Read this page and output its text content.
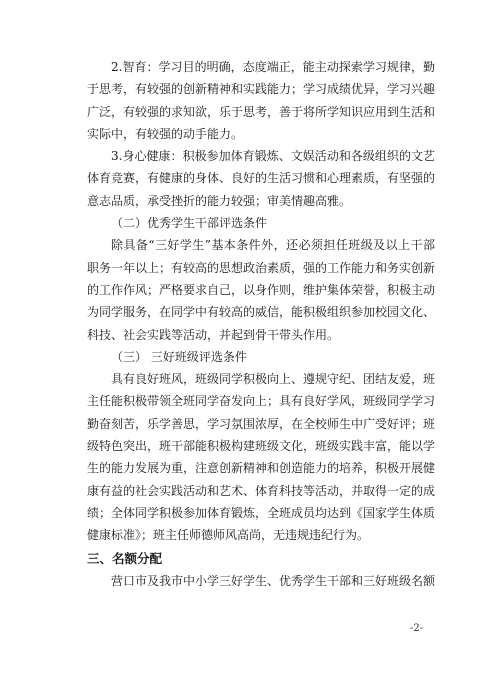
2.智育：学习目的明确，态度端正，能主动探索学习规律，勤于思考，有较强的创新精神和实践能力；学习成绩优异，学习兴趣广泛，有较强的求知欲，乐于思考，善于将所学知识应用到生活和实际中，有较强的动手能力。

3.身心健康：积极参加体育锻炼、文娱活动和各级组织的文艺体育竞赛，有健康的身体、良好的生活习惯和心理素质，有坚强的意志品质，承受挫折的能力较强；审美情趣高雅。

（二）优秀学生干部评选条件

除具备“三好学生”基本条件外，还必须担任班级及以上干部职务一年以上；有较高的思想政治素质，强的工作能力和务实创新的工作作风；严格要求自己，以身作则，维护集体荣誉，积极主动为同学服务，在同学中有较高的威信，能积极组织参加校园文化、科技、社会实践等活动，并起到骨干带头作用。

（三） 三好班级评选条件

具有良好班风，班级同学积极向上、遵规守纪、团结友爱，班主任能积极带领全班同学奋发向上；具有良好学风，班级同学学习勤奋刻苦，乐学善思，学习氛围浓厚，在全校师生中广受好评；班级特色突出，班干部能积极构建班级文化，班级实践丰富，能以学生的能力发展为重，注意创新精神和创造能力的培养，积极开展健康有益的社会实践活动和艺术、体育科技等活动，并取得一定的成绩；全体同学积极参加体育锻炼，全班成员均达到《国家学生体质健康标准》；班主任师德师风高尚，无违规违纪行为。

三、名额分配

营口市及我市中小学三好学生、优秀学生干部和三好班级名额

-2-
